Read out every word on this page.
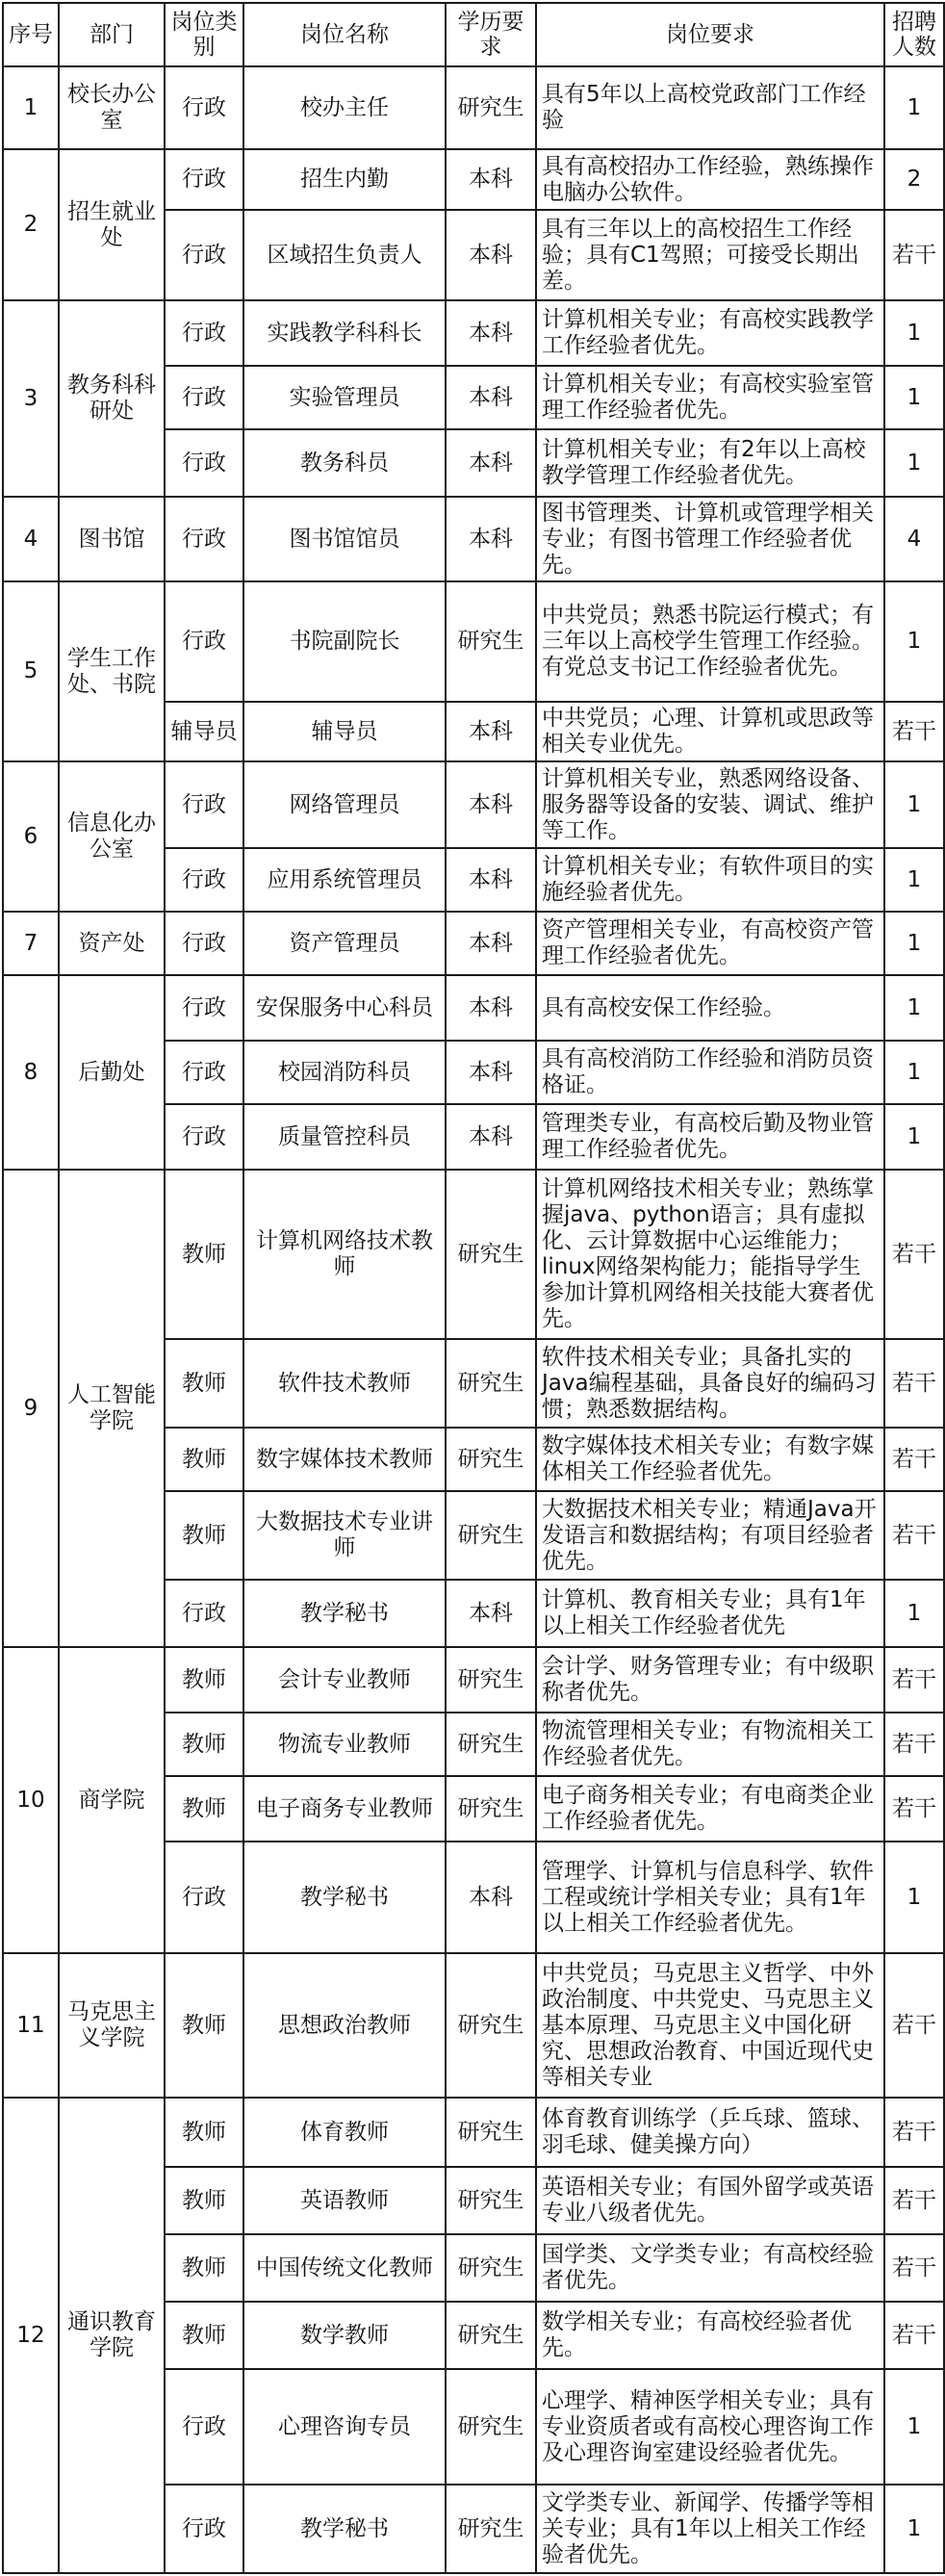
序号	部门	岗位类别	岗位名称	学历要求	岗位要求	招聘人数
1	校长办公室	行政	校办主任	研究生	具有5年以上高校党政部门工作经验	1
2	招生就业处	行政	招生内勤	本科	具有高校招办工作经验，熟练操作电脑办公软件。	2
		行政	区域招生负责人	本科	具有三年以上的高校招生工作经验；具有C1驾照；可接受长期出差。	若干
3	教务科科研处	行政	实践教学科科长	本科	计算机相关专业；有高校实践教学工作经验者优先。	1
		行政	实验管理员	本科	计算机相关专业；有高校实验室管理工作经验者优先。	1
		行政	教务科员	本科	计算机相关专业；有2年以上高校教学管理工作经验者优先。	1
4	图书馆	行政	图书馆馆员	本科	图书管理类、计算机或管理学相关专业；有图书管理工作经验者优先。	4
5	学生工作处、书院	行政	书院副院长	研究生	中共党员；熟悉书院运行模式；有三年以上高校学生管理工作经验。有党总支书记工作经验者优先。	1
		辅导员	辅导员	本科	中共党员；心理、计算机或思政等相关专业优先。	若干
6	信息化办公室	行政	网络管理员	本科	计算机相关专业，熟悉网络设备、服务器等设备的安装、调试、维护等工作。	1
		行政	应用系统管理员	本科	计算机相关专业；有软件项目的实施经验者优先。	1
7	资产处	行政	资产管理员	本科	资产管理相关专业，有高校资产管理工作经验者优先。	1
8	后勤处	行政	安保服务中心科员	本科	具有高校安保工作经验。	1
		行政	校园消防科员	本科	具有高校消防工作经验和消防员资格证。	1
		行政	质量管控科员	本科	管理类专业，有高校后勤及物业管理工作经验者优先。	1
9	人工智能学院	教师	计算机网络技术教师	研究生	计算机网络技术相关专业；熟练掌握java、python语言；具有虚拟化、云计算数据中心运维能力；linux网络架构能力；能指导学生参加计算机网络相关技能大赛者优先。	若干
		教师	软件技术教师	研究生	软件技术相关专业；具备扎实的Java编程基础，具备良好的编码习惯；熟悉数据结构。	若干
		教师	数字媒体技术教师	研究生	数字媒体技术相关专业；有数字媒体相关工作经验者优先。	若干
		教师	大数据技术专业讲师	研究生	大数据技术相关专业；精通Java开发语言和数据结构；有项目经验者优先。	若干
		行政	教学秘书	本科	计算机、教育相关专业；具有1年以上相关工作经验者优先	1
10	商学院	教师	会计专业教师	研究生	会计学、财务管理专业；有中级职称者优先。	若干
		教师	物流专业教师	研究生	物流管理相关专业；有物流相关工作经验者优先。	若干
		教师	电子商务专业教师	研究生	电子商务相关专业；有电商类企业工作经验者优先。	若干
		行政	教学秘书	本科	管理学、计算机与信息科学、软件工程或统计学相关专业；具有1年以上相关工作经验者优先。	1
11	马克思主义学院	教师	思想政治教师	研究生	中共党员；马克思主义哲学、中外政治制度、中共党史、马克思主义基本原理、马克思主义中国化研究、思想政治教育、中国近现代史等相关专业	若干
12	通识教育学院	教师	体育教师	研究生	体育教育训练学（乒乓球、篮球、羽毛球、健美操方向）	若干
		教师	英语教师	研究生	英语相关专业；有国外留学或英语专业八级者优先。	若干
		教师	中国传统文化教师	研究生	国学类、文学类专业；有高校经验者优先。	若干
		教师	数学教师	研究生	数学相关专业；有高校经验者优先。	若干
		行政	心理咨询专员	研究生	心理学、精神医学相关专业；具有专业资质者或有高校心理咨询工作及心理咨询室建设经验者优先。	1
		行政	教学秘书	研究生	文学类专业、新闻学、传播学等相关专业；具有1年以上相关工作经验者优先。	1
